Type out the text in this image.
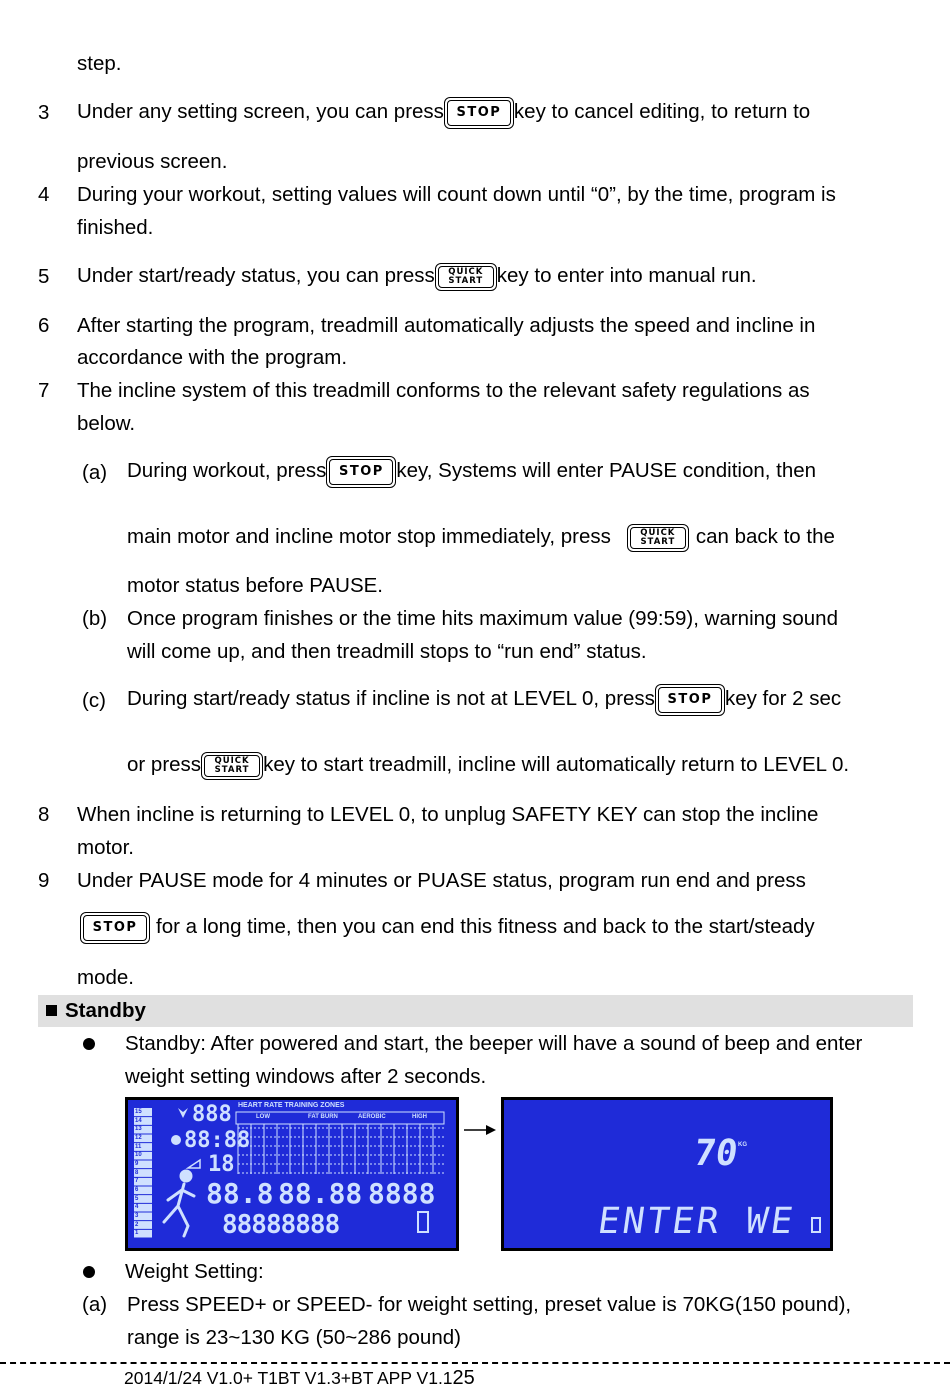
step.
3 Under any setting screen, you can press STOP key to cancel editing, to return to
previous screen.
4 During your workout, setting values will count down until “0”, by the time, program is
finished.
5 Under start/ready status, you can press QUICK
START key to enter into manual run.
6 After starting the program, treadmill automatically adjusts the speed and incline in
accordance with the program.
7 The incline system of this treadmill conforms to the relevant safety regulations as
below.
(a) During workout, press STOP key, Systems will enter PAUSE condition, then
main motor and incline motor stop immediately, press	QUICK
START can back to the
motor status before PAUSE.
(b) Once program finishes or the time hits maximum value (99:59), warning sound
will come up, and then treadmill stops to “run end” status.
(c) During start/ready status if incline is not at LEVEL 0, press STOP key for 2 sec
or press QUICK
START key to start treadmill, incline will automatically return to LEVEL 0.
8 When incline is returning to LEVEL 0, to unplug SAFETY KEY can stop the incline
motor.
9 Under PAUSE mode for 4 minutes or PUASE status, program run end and press
STOP for a long time, then you can end this fitness and back to the start/steady
mode.
Standby
Standby: After powered and start, the beeper will have a sound of beep and enter
weight setting windows after 2 seconds.
HEART RATE TRAINING ZONES
LOW	FAT BURN	AEROBIC	HIGH
888
88:88
18
88.8 88.88 8888
88888888
15
14
13
12
11
10
9
8
7
6
5
4
3
2
1
70
KG
ENTER WE
Weight Setting:
(a) Press SPEED+ or SPEED- for weight setting, preset value is 70KG(150 pound),
range is 23~130 KG (50~286 pound)
2014/1/24 V1.0+ T1BT V1.3+BT APP V1.125
